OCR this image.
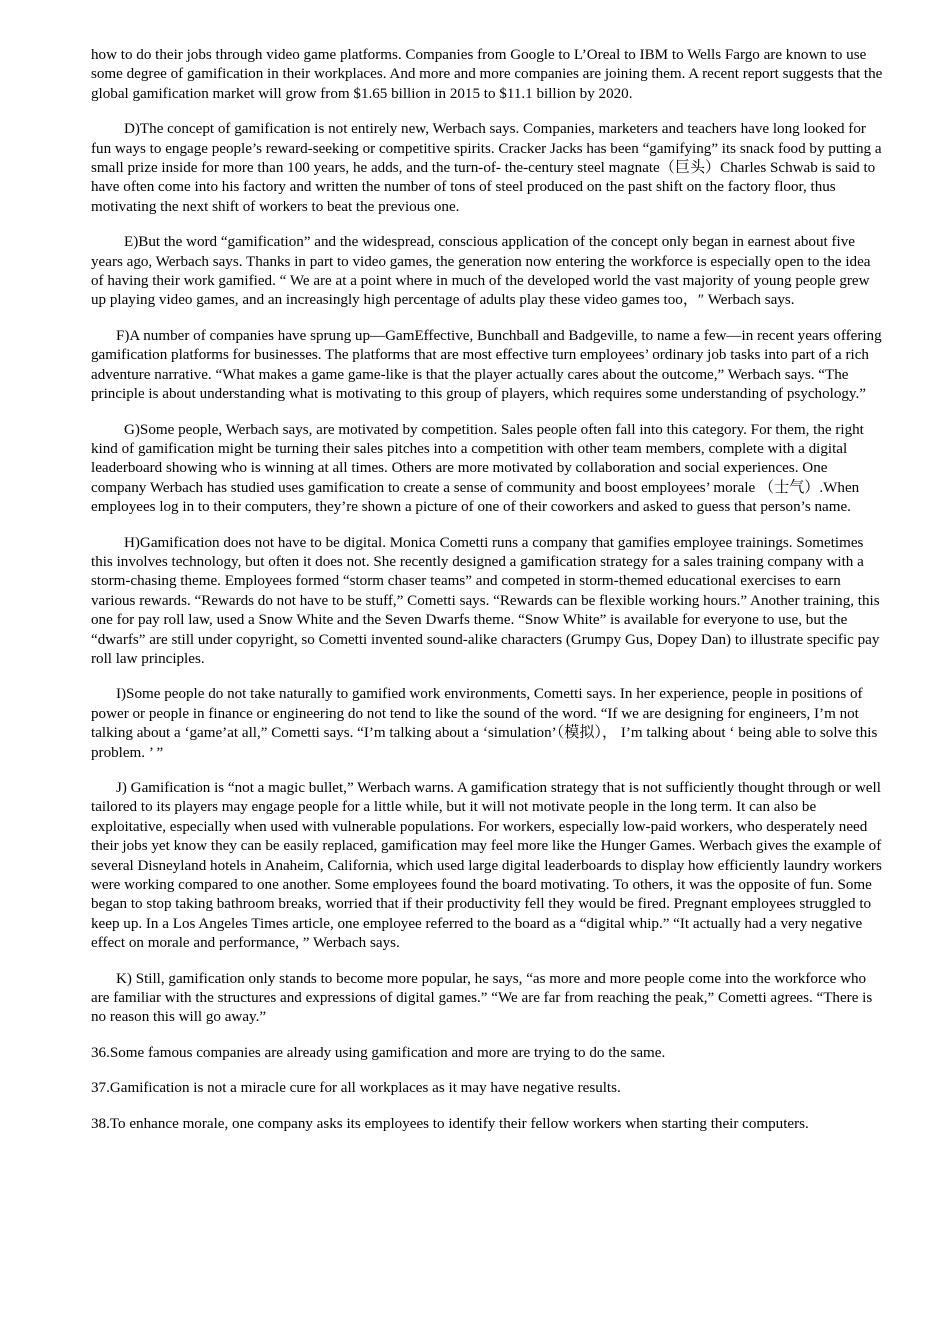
how to do their jobs through video game platforms. Companies from Google to L’Oreal to IBM to Wells Fargo are known to use some degree of gamification in their workplaces. And more and more companies are joining them. A recent report suggests that the global gamification market will grow from $1.65 billion in 2015 to $11.1 billion by 2020.

D)The concept of gamification is not entirely new, Werbach says. Companies, marketers and teachers have long looked for fun ways to engage people’s reward-seeking or competitive spirits. Cracker Jacks has been “gamifying” its snack food by putting a small prize inside for more than 100 years, he adds, and the turn-of- the-century steel magnate（巨头）Charles Schwab is said to have often come into his factory and written the number of tons of steel produced on the past shift on the factory floor, thus motivating the next shift of workers to beat the previous one.

E)But the word “gamification” and the widespread, conscious application of the concept only began in earnest about five years ago, Werbach says. Thanks in part to video games, the generation now entering the workforce is especially open to the idea of having their work gamified. “ We are at a point where in much of the developed world the vast majority of young people grew up playing video games, and an increasingly high percentage of adults play these video games too，″ Werbach says.

F)A number of companies have sprung up—GamEffective, Bunchball and Badgeville, to name a few—in recent years offering gamification platforms for businesses. The platforms that are most effective turn employees’ ordinary job tasks into part of a rich adventure narrative. “What makes a game game-like is that the player actually cares about the outcome,” Werbach says. “The principle is about understanding what is motivating to this group of players, which requires some understanding of psychology.”

G)Some people, Werbach says, are motivated by competition. Sales people often fall into this category. For them, the right kind of gamification might be turning their sales pitches into a competition with other team members, complete with a digital leaderboard showing who is winning at all times. Others are more motivated by collaboration and social experiences. One company Werbach has studied uses gamification to create a sense of community and boost employees’ morale （士气）.When employees log in to their computers, they’re shown a picture of one of their coworkers and asked to guess that person’s name.

H)Gamification does not have to be digital. Monica Cometti runs a company that gamifies employee trainings. Sometimes this involves technology, but often it does not. She recently designed a gamification strategy for a sales training company with a storm-chasing theme. Employees formed “storm chaser teams” and competed in storm-themed educational exercises to earn various rewards. “Rewards do not have to be stuff,” Cometti says. “Rewards can be flexible working hours.” Another training, this one for pay roll law, used a Snow White and the Seven Dwarfs theme. “Snow White” is available for everyone to use, but the “dwarfs” are still under copyright, so Cometti invented sound-alike characters (Grumpy Gus, Dopey Dan) to illustrate specific pay roll law principles.

I)Some people do not take naturally to gamified work environments, Cometti says. In her experience, people in positions of power or people in finance or engineering do not tend to like the sound of the word. “If we are designing for engineers, I’m not talking about a ‘game’at all,” Cometti says. “I’m talking about a ‘simulation’（模拟）， I’m talking about ‘ being able to solve this problem. ’ ”

J) Gamification is “not a magic bullet,” Werbach warns. A gamification strategy that is not sufficiently thought through or well tailored to its players may engage people for a little while, but it will not motivate people in the long term. It can also be exploitative, especially when used with vulnerable populations. For workers, especially low-paid workers, who desperately need their jobs yet know they can be easily replaced, gamification may feel more like the Hunger Games. Werbach gives the example of several Disneyland hotels in Anaheim, California, which used large digital leaderboards to display how efficiently laundry workers were working compared to one another. Some employees found the board motivating. To others, it was the opposite of fun. Some began to stop taking bathroom breaks, worried that if their productivity fell they would be fired. Pregnant employees struggled to keep up. In a Los Angeles Times article, one employee referred to the board as a “digital whip.” “It actually had a very negative effect on morale and performance, ” Werbach says.

K) Still, gamification only stands to become more popular, he says, “as more and more people come into the workforce who are familiar with the structures and expressions of digital games.” “We are far from reaching the peak,” Cometti agrees. “There is no reason this will go away.”

36.Some famous companies are already using gamification and more are trying to do the same.

37.Gamification is not a miracle cure for all workplaces as it may have negative results.

38.To enhance morale, one company asks its employees to identify their fellow workers when starting their computers.
